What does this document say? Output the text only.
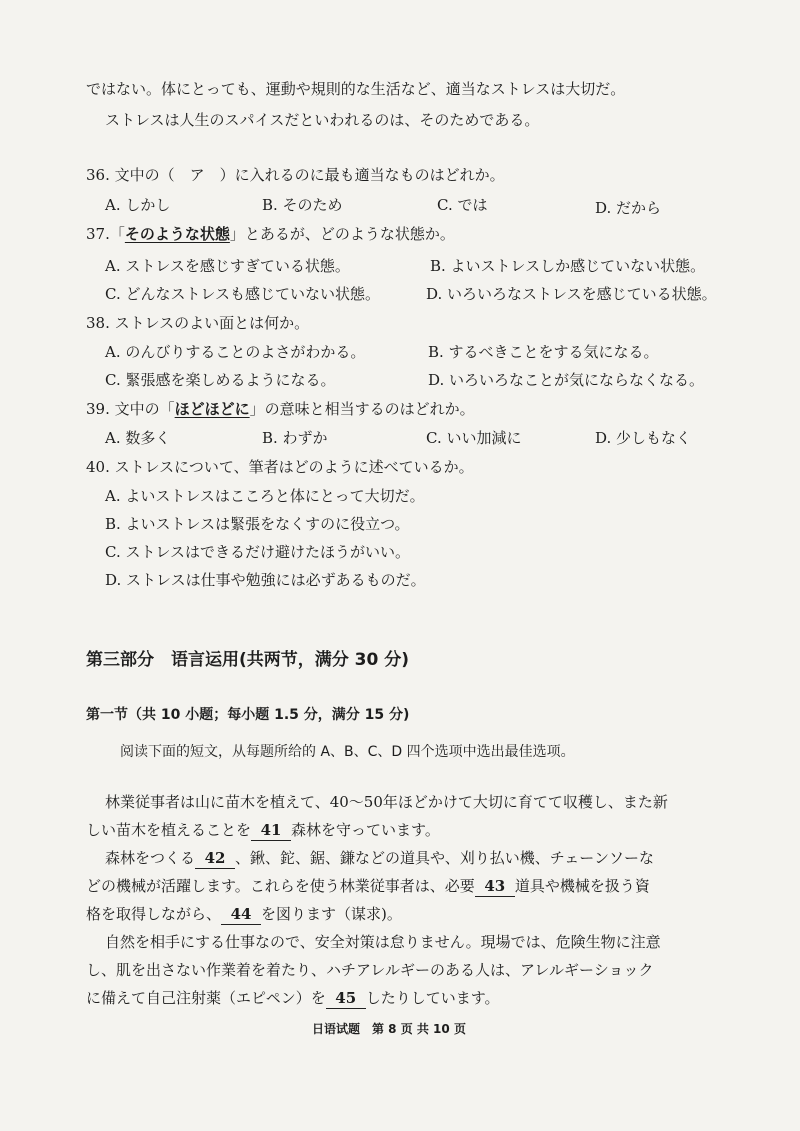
ではない。体にとっても、運動や規則的な生活など、適当なストレスは大切だ。
ストレスは人生のスパイスだといわれるのは、そのためである。
36. 文中の（　ア　）に入れるのに最も適当なものはどれか。
A. しかし	B. そのため	C. では	D. だから
37.「そのような状態」とあるが、どのような状態か。
A. ストレスを感じすぎている状態。	B. よいストレスしか感じていない状態。
C. どんなストレスも感じていない状態。	D. いろいろなストレスを感じている状態。
38. ストレスのよい面とは何か。
A. のんびりすることのよさがわかる。	B. するべきことをする気になる。
C. 緊張感を楽しめるようになる。	D. いろいろなことが気にならなくなる。
39. 文中の「ほどほどに」の意味と相当するのはどれか。
A. 数多く	B. わずか	C. いい加減に	D. 少しもなく
40. ストレスについて、筆者はどのように述べているか。
A. よいストレスはこころと体にとって大切だ。
B. よいストレスは緊張をなくすのに役立つ。
C. ストレスはできるだけ避けたほうがいい。
D. ストレスは仕事や勉強には必ずあるものだ。
第三部分　语言运用(共两节，满分 30 分)
第一节（共 10 小题；每小题 1.5 分，满分 15 分)
阅读下面的短文，从每题所给的 A、B、C、D 四个选项中选出最佳选项。
林業従事者は山に苗木を植えて、40～50年ほどかけて大切に育てて収穫し、また新
しい苗木を植えることを 41 森林を守っています。
森林をつくる 42 、鍬、鉈、鋸、鎌などの道具や、刈り払い機、チェーンソーな
どの機械が活躍します。これらを使う林業従事者は、必要 43 道具や機械を扱う資
格を取得しながら、 44 を図ります（谋求)。
自然を相手にする仕事なので、安全対策は怠りません。現場では、危険生物に注意
し、肌を出さない作業着を着たり、ハチアレルギーのある人は、アレルギーショック
に備えて自己注射薬（エピペン）を 45 したりしています。
日语试题　第 8 页 共 10 页
